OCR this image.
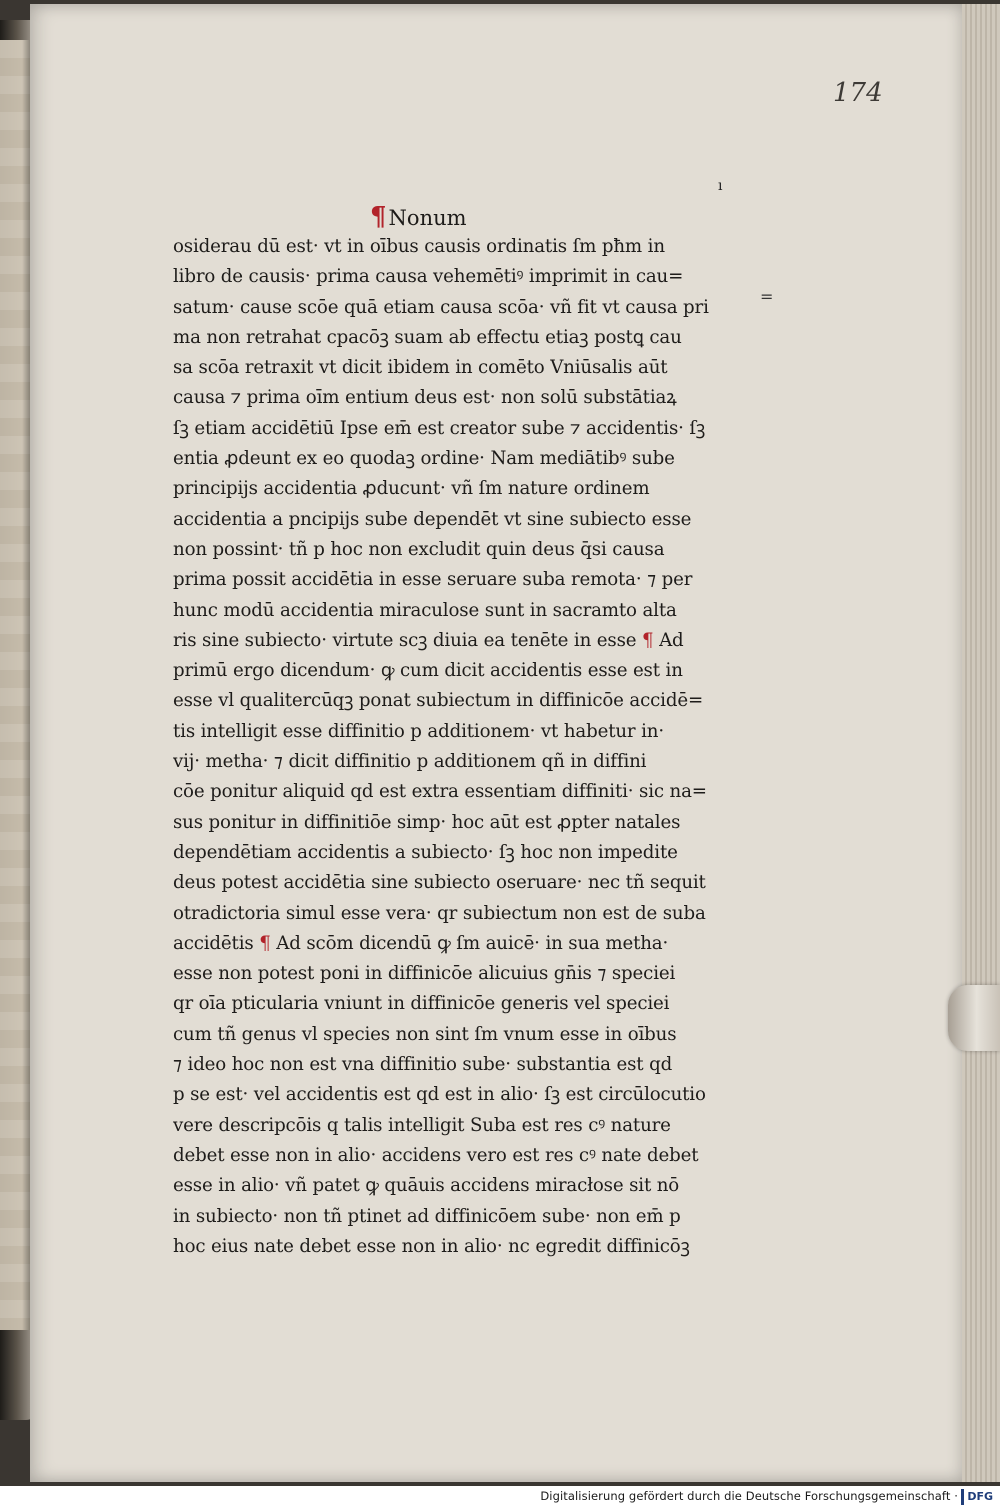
174
ı
¶Nonum
=
osiderau dū est· vt in oībus causis ordinatis ſm pħm in
libro de causis· prima causa vehemētiꝰ imprimit in cau=
satum· cause scōe quā etiam causa scōa· vñ fit vt causa pri
ma non retrahat cpacōꝫ suam ab effectu etiaꝫ postꝗ cau
sa scōa retraxit vt dicit ibidem in comēto Vniūsalis aūt
causa ⁊ prima oīm entium deus est· non solū substātiaꝝ
ſꝫ etiam accidētiū Ipse em̄ est creator sube ⁊ accidentis· ſꝫ
entia ꝓdeunt ex eo quodaꝫ ordine· Nam mediātibꝰ sube
principijs accidentia ꝓducunt· vñ ſm nature ordinem
accidentia a pncipijs sube dependēt vt sine subiecto esse
non possint· tñ p hoc non excludit quin deus q̄si causa
prima possit accidētia in esse seruare suba remota· ⁊ per
hunc modū accidentia miraculose sunt in sacramto alta
ris sine subiecto· virtute scꝫ diuia ea tenēte in esse ¶ Ad
primū ergo dicendum· ꝙ cum dicit accidentis esse est in
esse vl qualitercūqꝫ ponat subiectum in diffinicōe accidē=
tis intelligit esse diffinitio p additionem· vt habetur in·
vij· metha· ⁊ dicit diffinitio p additionem qñ in diffini
cōe ponitur aliquid qd est extra essentiam diffiniti· sic na=
sus ponitur in diffinitiōe simp· hoc aūt est ꝓpter natales
dependētiam accidentis a subiecto· ſꝫ hoc non impedite
deus potest accidētia sine subiecto oseruare· nec tñ sequit
otradictoria simul esse vera· qr subiectum non est de suba
accidētis ¶ Ad scōm dicendū ꝙ ſm auicē· in sua metha·
esse non potest poni in diffinicōe alicuius gn̄is ⁊ speciei
qr oīa pticularia vniunt in diffinicōe generis vel speciei
cum tñ genus vl species non sint ſm vnum esse in oībus
⁊ ideo hoc non est vna diffinitio sube· substantia est qd
p se est· vel accidentis est qd est in alio· ſꝫ est circūlocutio
vere descripcōis q talis intelligit Suba est res cꝰ nature
debet esse non in alio· accidens vero est res cꝰ nate debet
esse in alio· vñ patet ꝙ quāuis accidens miracłose sit nō
in subiecto· non tñ ptinet ad diffinicōem sube· non em̄ p
hoc eius nate debet esse non in alio· nc egredit diffinicōꝫ
Digitalisierung gefördert durch die Deutsche Forschungsgemeinschaft · DFG
